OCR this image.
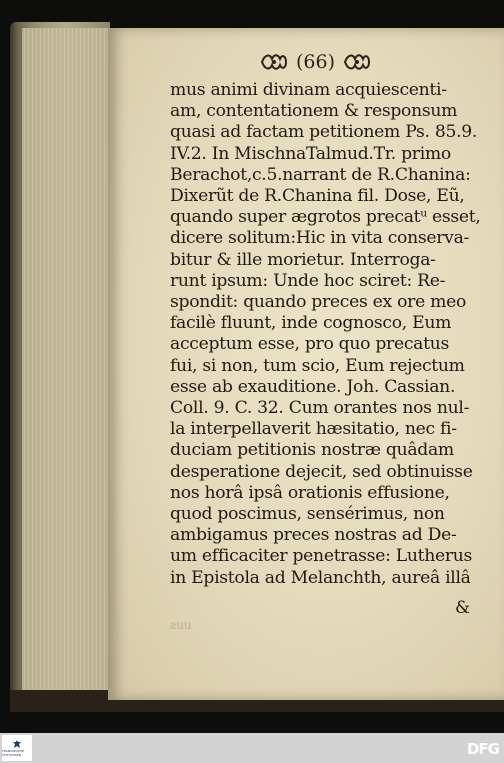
(66)
mus animi divinam acquiescenti-
am, contentationem & responsum
quasi ad factam petitionem Ps. 85.9.
IV.2. In MischnaTalmud.Tr. primo
Berachot,c.5.narrant de R.Chanina:
Dixerũt de R.Chanina fil. Dose, Eũ,
quando super ægrotos precatᵘ esset,
dicere solitum:Hic in vita conserva-
bitur & ille morietur. Interroga-
runt ipsum: Unde hoc sciret: Re-
spondit: quando preces ex ore meo
facilè fluunt, inde cognosco, Eum
acceptum esse, pro quo precatus
fui, si non, tum scio, Eum rejectum
esse ab exauditione. Joh. Cassian.
Coll. 9. C. 32. Cum orantes nos nul-
la interpellaverit hæsitatio, nec fi-
duciam petitionis nostræ quâdam
desperatione dejecit, sed obtinuisse
nos horâ ipsâ orationis effusione,
quod poscimus, sensérimus, non
ambigamus preces nostras ad De-
um efficaciter penetrasse: Lutherus
in Epistola ad Melanchth, aureâ illâ
&
ƨuu
FRANCKESCHE STIFTUNGEN	DFG
